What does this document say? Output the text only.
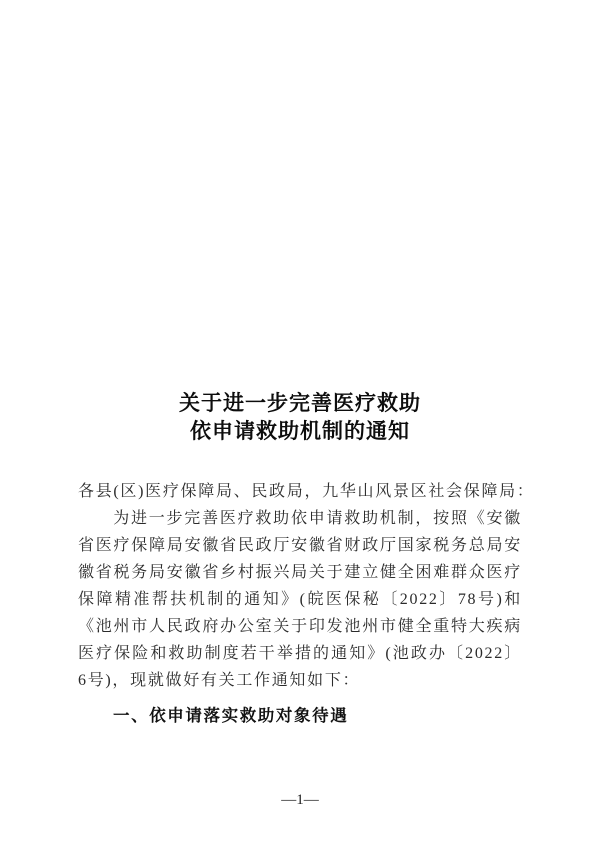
关于进一步完善医疗救助
依申请救助机制的通知
各县(区)医疗保障局、民政局，九华山风景区社会保障局：

为进一步完善医疗救助依申请救助机制，按照《安徽省医疗保障局安徽省民政厅安徽省财政厅国家税务总局安徽省税务局安徽省乡村振兴局关于建立健全困难群众医疗保障精准帮扶机制的通知》(皖医保秘〔2022〕78号)和《池州市人民政府办公室关于印发池州市健全重特大疾病医疗保险和救助制度若干举措的通知》(池政办〔2022〕6号)，现就做好有关工作通知如下：

一、依申请落实救助对象待遇
—1—
